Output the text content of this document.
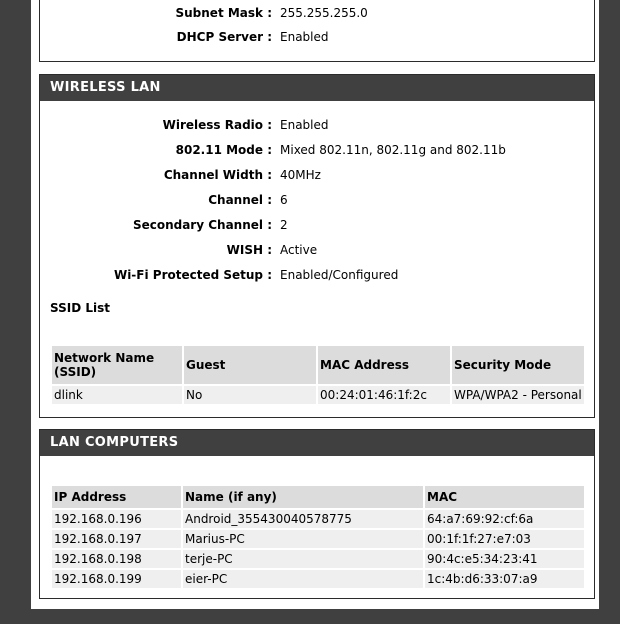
Subnet Mask : 255.255.255.0
DHCP Server : Enabled
WIRELESS LAN
Wireless Radio : Enabled
802.11 Mode : Mixed 802.11n, 802.11g and 802.11b
Channel Width : 40MHz
Channel : 6
Secondary Channel : 2
WISH : Active
Wi-Fi Protected Setup : Enabled/Configured
SSID List
Network Name (SSID)	Guest	MAC Address	Security Mode
dlink	No	00:24:01:46:1f:2c	WPA/WPA2 - Personal
LAN COMPUTERS
IP Address	Name (if any)	MAC
192.168.0.196	Android_355430040578775	64:a7:69:92:cf:6a
192.168.0.197	Marius-PC	00:1f:1f:27:e7:03
192.168.0.198	terje-PC	90:4c:e5:34:23:41
192.168.0.199	eier-PC	1c:4b:d6:33:07:a9
